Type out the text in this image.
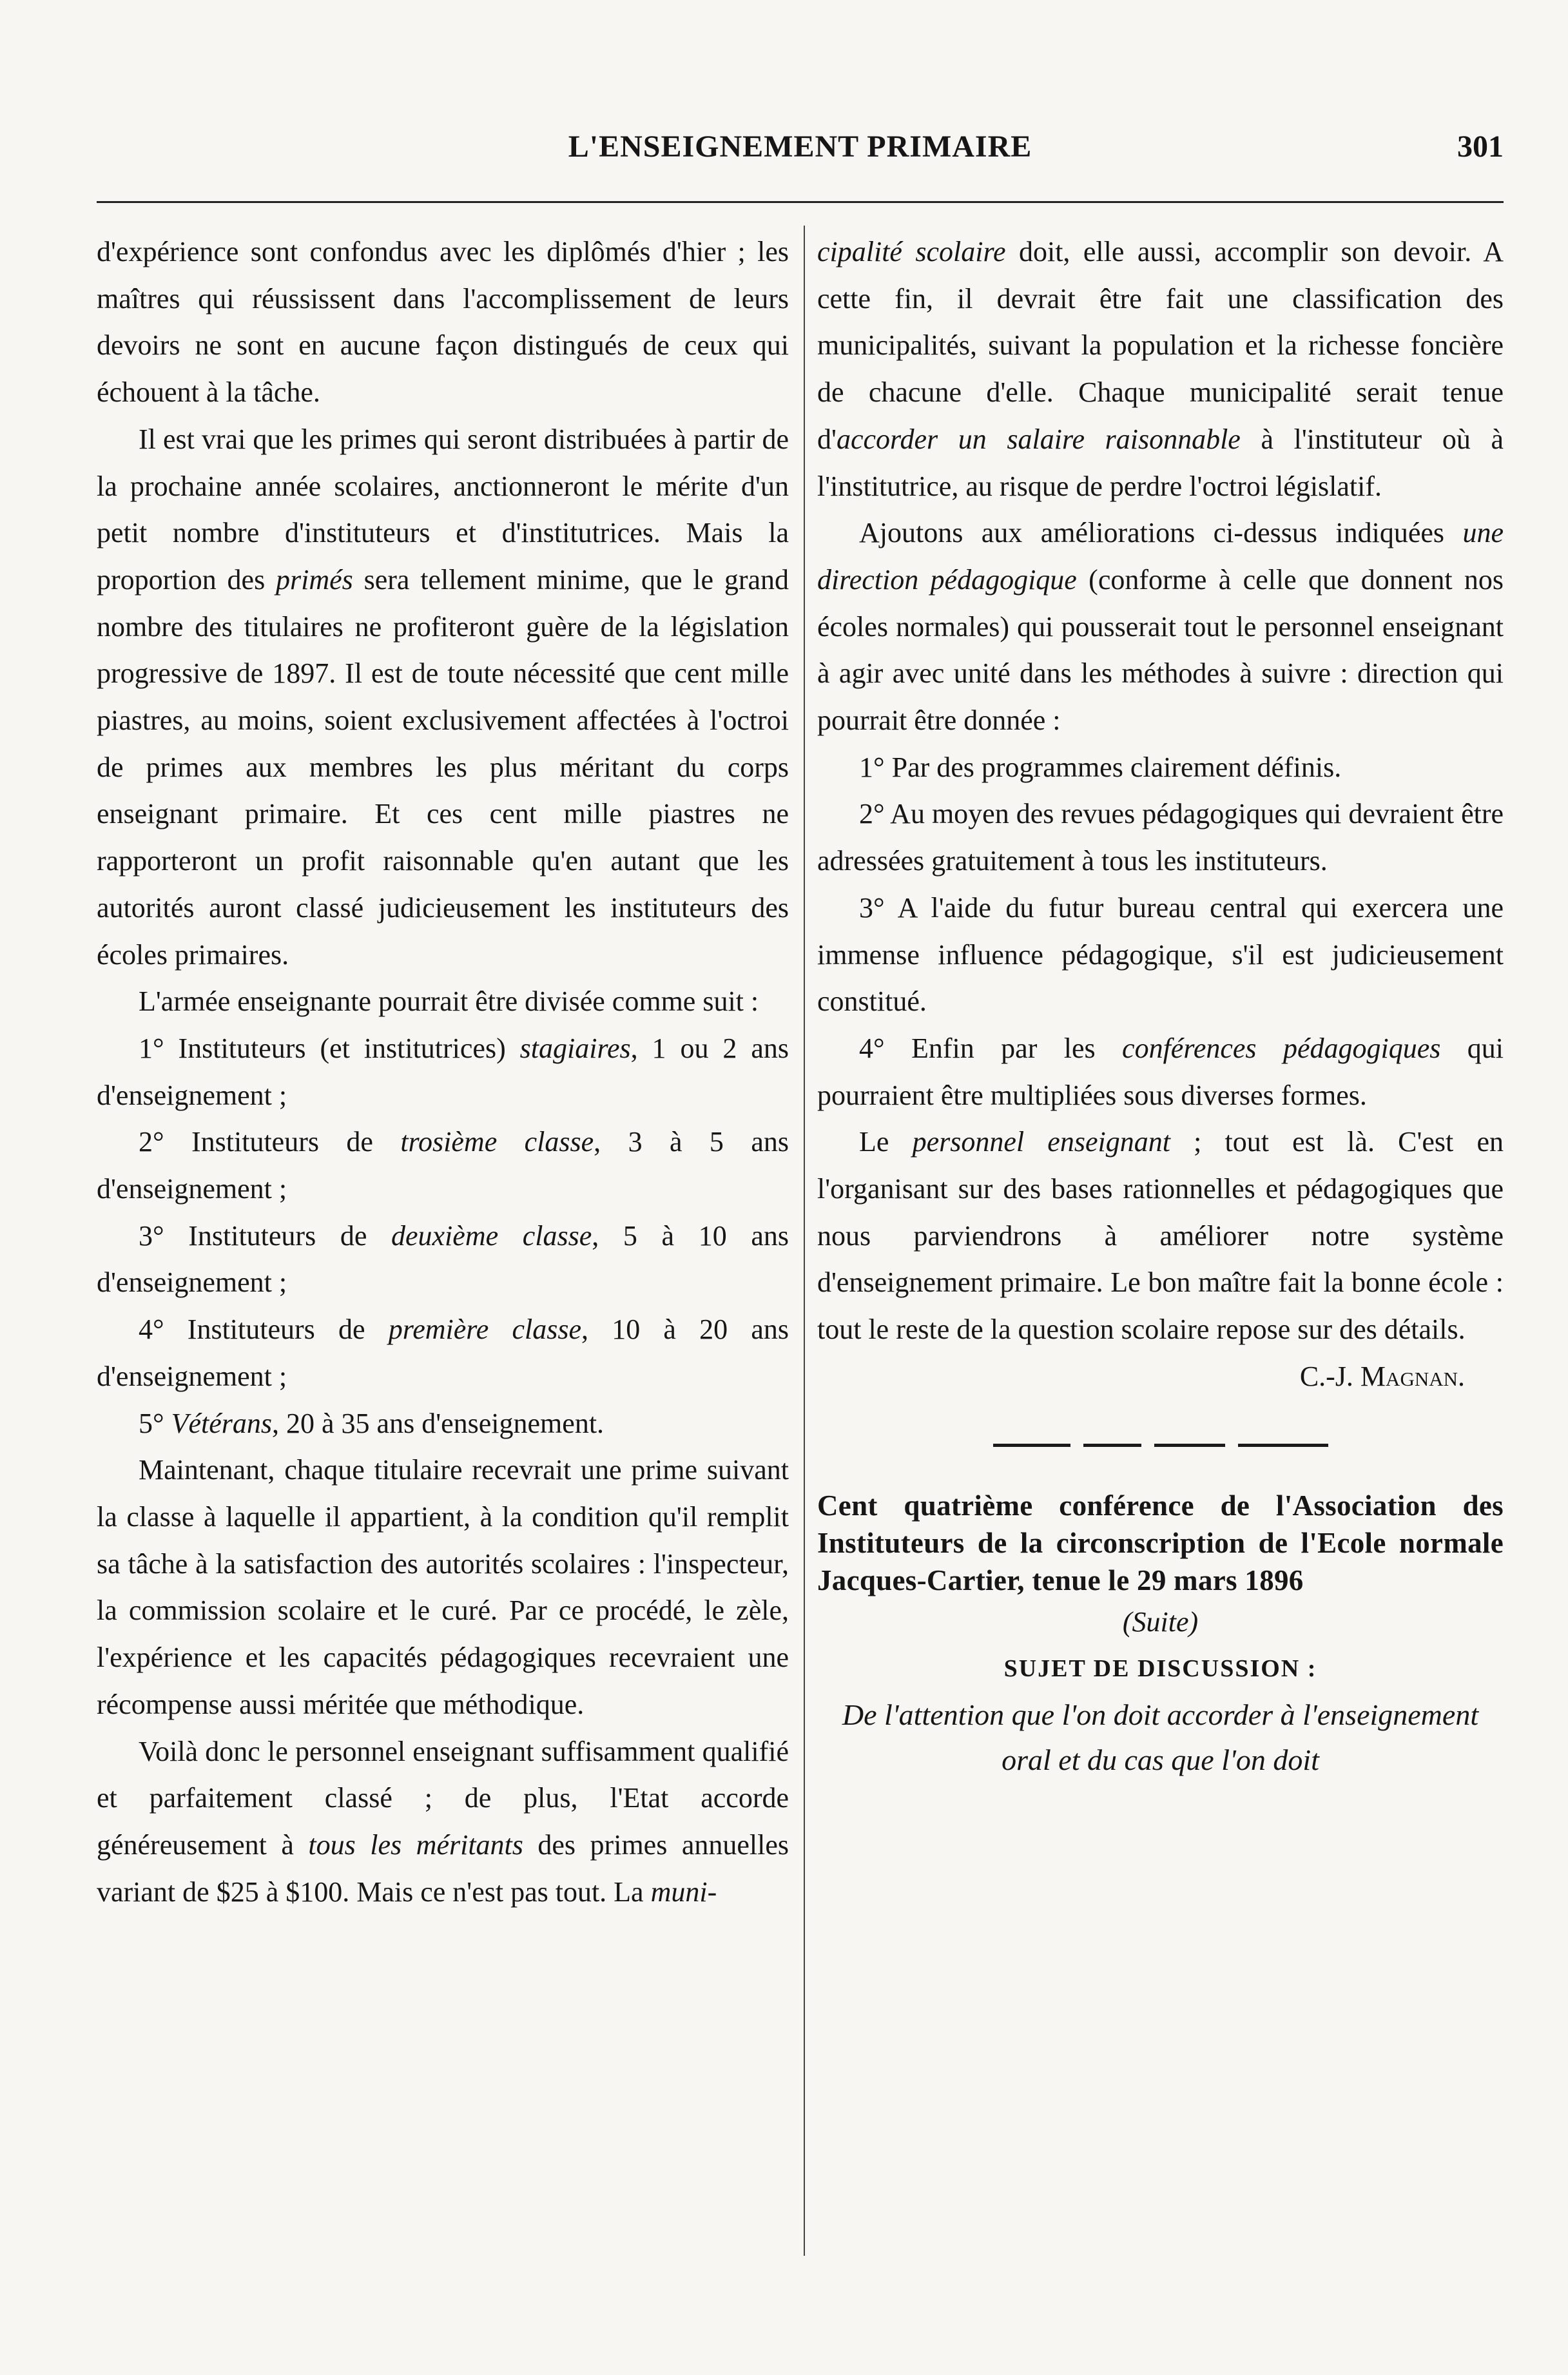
L'ENSEIGNEMENT PRIMAIRE	301

d'expérience sont confondus avec les diplômés d'hier ; les maîtres qui réussissent dans l'accomplissement de leurs devoirs ne sont en aucune façon distingués de ceux qui échouent à la tâche.

Il est vrai que les primes qui seront distribuées à partir de la prochaine année scolaires, anctionneront le mérite d'un petit nombre d'instituteurs et d'institutrices. Mais la proportion des primés sera tellement minime, que le grand nombre des titulaires ne profiteront guère de la législation progressive de 1897. Il est de toute nécessité que cent mille piastres, au moins, soient exclusivement affectées à l'octroi de primes aux membres les plus méritant du corps enseignant primaire. Et ces cent mille piastres ne rapporteront un profit raisonnable qu'en autant que les autorités auront classé judicieusement les instituteurs des écoles primaires.

L'armée enseignante pourrait être divisée comme suit :

1° Instituteurs (et institutrices) stagiaires, 1 ou 2 ans d'enseignement ;

2° Instituteurs de trosième classe, 3 à 5 ans d'enseignement ;

3° Instituteurs de deuxième classe, 5 à 10 ans d'enseignement ;

4° Instituteurs de première classe, 10 à 20 ans d'enseignement ;

5° Vétérans, 20 à 35 ans d'enseignement.

Maintenant, chaque titulaire recevrait une prime suivant la classe à laquelle il appartient, à la condition qu'il remplit sa tâche à la satisfaction des autorités scolaires : l'inspecteur, la commission scolaire et le curé. Par ce procédé, le zèle, l'expérience et les capacités pédagogiques recevraient une récompense aussi méritée que méthodique.

Voilà donc le personnel enseignant suffisamment qualifié et parfaitement classé ; de plus, l'Etat accorde généreusement à tous les méritants des primes annuelles variant de $25 à $100. Mais ce n'est pas tout. La muni-

cipalité scolaire doit, elle aussi, accomplir son devoir. A cette fin, il devrait être fait une classification des municipalités, suivant la population et la richesse foncière de chacune d'elle. Chaque municipalité serait tenue d'accorder un salaire raisonnable à l'instituteur où à l'institutrice, au risque de perdre l'octroi législatif.

Ajoutons aux améliorations ci-dessus indiquées une direction pédagogique (conforme à celle que donnent nos écoles normales) qui pousserait tout le personnel enseignant à agir avec unité dans les méthodes à suivre : direction qui pourrait être donnée :

1° Par des programmes clairement définis.

2° Au moyen des revues pédagogiques qui devraient être adressées gratuitement à tous les instituteurs.

3° A l'aide du futur bureau central qui exercera une immense influence pédagogique, s'il est judicieusement constitué.

4° Enfin par les conférences pédagogiques qui pourraient être multipliées sous diverses formes.

Le personnel enseignant ; tout est là. C'est en l'organisant sur des bases rationnelles et pédagogiques que nous parviendrons à améliorer notre système d'enseignement primaire. Le bon maître fait la bonne école : tout le reste de la question scolaire repose sur des détails.

C.-J. Magnan.

Cent quatrième conférence de l'Association des Instituteurs de la circonscription de l'Ecole normale Jacques-Cartier, tenue le 29 mars 1896

(Suite)

SUJET DE DISCUSSION :

De l'attention que l'on doit accorder à l'enseignement oral et du cas que l'on doit
